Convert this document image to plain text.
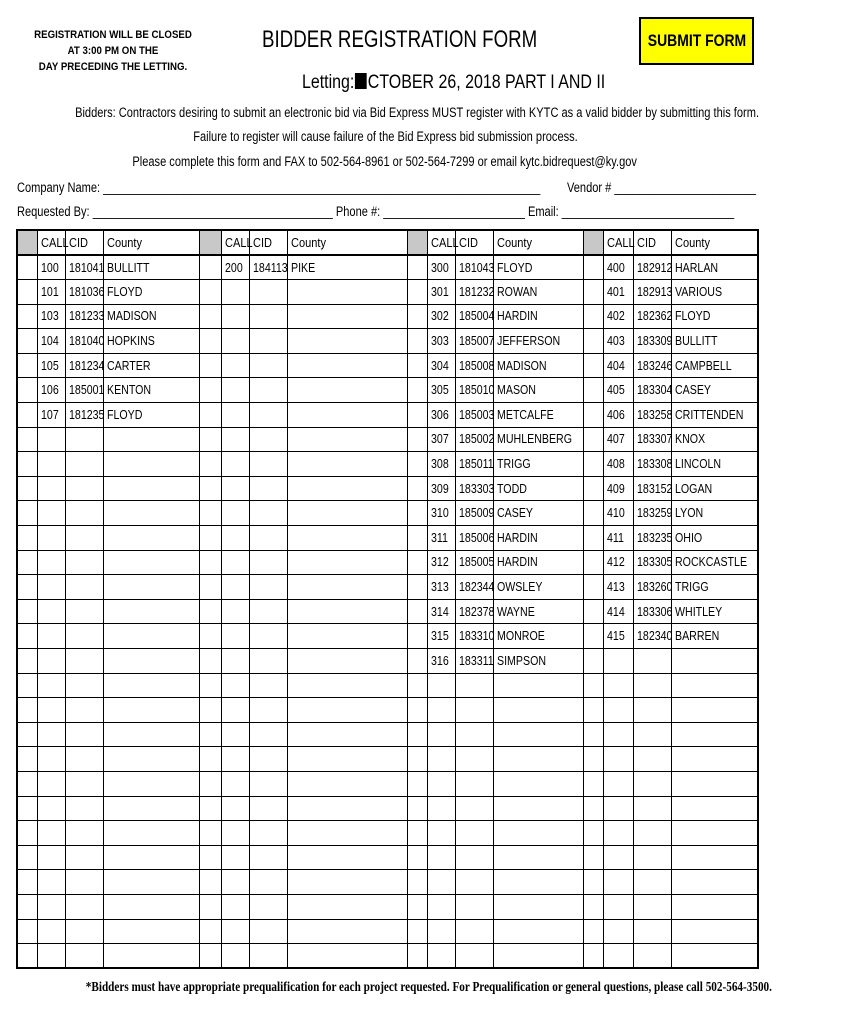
REGISTRATION WILL BE CLOSED
AT 3:00 PM ON THE
DAY PRECEDING THE LETTING.
BIDDER REGISTRATION FORM	SUBMIT FORM
Letting: CTOBER 26, 2018 PART I AND II
Bidders: Contractors desiring to submit an electronic bid via Bid Express MUST register with KYTC as a valid bidder by submitting this form.
Failure to register will cause failure of the Bid Express bid submission process.
Please complete this form and FAX to 502-564-8961 or 502-564-7299 or email kytc.bidrequest@ky.gov
Company Name: _______________________________________________________________________ Vendor # _______________________
Requested By: _______________________________________ Phone #: _______________________ Email: ____________________________
	CALL	CID	County		CALL	CID	County		CALL	CID	County		CALL	CID	County
	100	181041	BULLITT		200	184113	PIKE		300	181043	FLOYD		400	182912	HARLAN
	101	181036	FLOYD						301	181232	ROWAN		401	182913	VARIOUS
	103	181233	MADISON						302	185004	HARDIN		402	182362	FLOYD
	104	181040	HOPKINS						303	185007	JEFFERSON		403	183309	BULLITT
	105	181234	CARTER						304	185008	MADISON		404	183246	CAMPBELL
	106	185001	KENTON						305	185010	MASON		405	183304	CASEY
	107	181235	FLOYD						306	185003	METCALFE		406	183258	CRITTENDEN
									307	185002	MUHLENBERG		407	183307	KNOX
									308	185011	TRIGG		408	183308	LINCOLN
									309	183303	TODD		409	183152	LOGAN
									310	185009	CASEY		410	183259	LYON
									311	185006	HARDIN		411	183235	OHIO
									312	185005	HARDIN		412	183305	ROCKCASTLE
									313	182344	OWSLEY		413	183260	TRIGG
									314	182378	WAYNE		414	183306	WHITLEY
									315	183310	MONROE		415	182340	BARREN
									316	183311	SIMPSON				

*Bidders must have appropriate prequalification for each project requested. For Prequalification or general questions, please call 502-564-3500.
